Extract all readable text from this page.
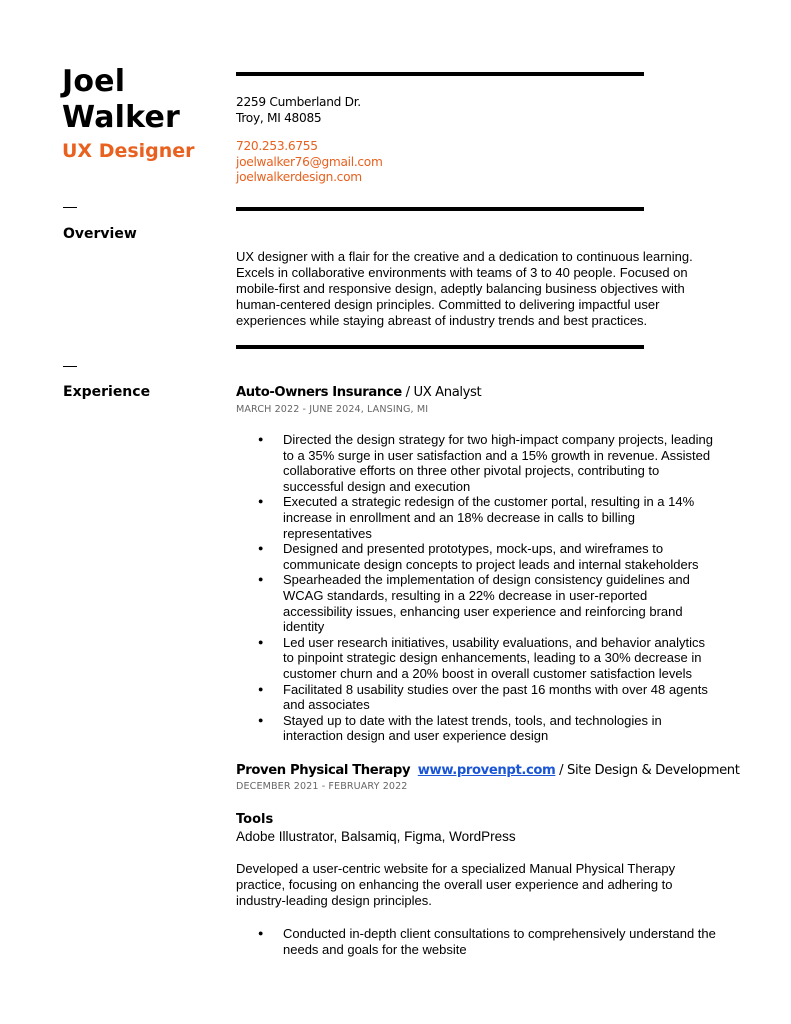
Joel
Walker
UX Designer
2259 Cumberland Dr.
Troy, MI 48085
720.253.6755
joelwalker76@gmail.com
joelwalkerdesign.com
Overview
UX designer with a flair for the creative and a dedication to continuous learning. Excels in collaborative environments with teams of 3 to 40 people. Focused on mobile-first and responsive design, adeptly balancing business objectives with human-centered design principles. Committed to delivering impactful user experiences while staying abreast of industry trends and best practices.
Experience	Auto-Owners Insurance / UX Analyst
MARCH 2022 - JUNE 2024, LANSING, MI
● Directed the design strategy for two high-impact company projects, leading to a 35% surge in user satisfaction and a 15% growth in revenue. Assisted collaborative efforts on three other pivotal projects, contributing to successful design and execution
● Executed a strategic redesign of the customer portal, resulting in a 14% increase in enrollment and an 18% decrease in calls to billing representatives
● Designed and presented prototypes, mock-ups, and wireframes to communicate design concepts to project leads and internal stakeholders
● Spearheaded the implementation of design consistency guidelines and WCAG standards, resulting in a 22% decrease in user-reported accessibility issues, enhancing user experience and reinforcing brand identity
● Led user research initiatives, usability evaluations, and behavior analytics to pinpoint strategic design enhancements, leading to a 30% decrease in customer churn and a 20% boost in overall customer satisfaction levels
● Facilitated 8 usability studies over the past 16 months with over 48 agents and associates
● Stayed up to date with the latest trends, tools, and technologies in interaction design and user experience design
Proven Physical Therapy www.provenpt.com / Site Design & Development
DECEMBER 2021 - FEBRUARY 2022
Tools
Adobe Illustrator, Balsamiq, Figma, WordPress
Developed a user-centric website for a specialized Manual Physical Therapy practice, focusing on enhancing the overall user experience and adhering to industry-leading design principles.
● Conducted in-depth client consultations to comprehensively understand the needs and goals for the website
